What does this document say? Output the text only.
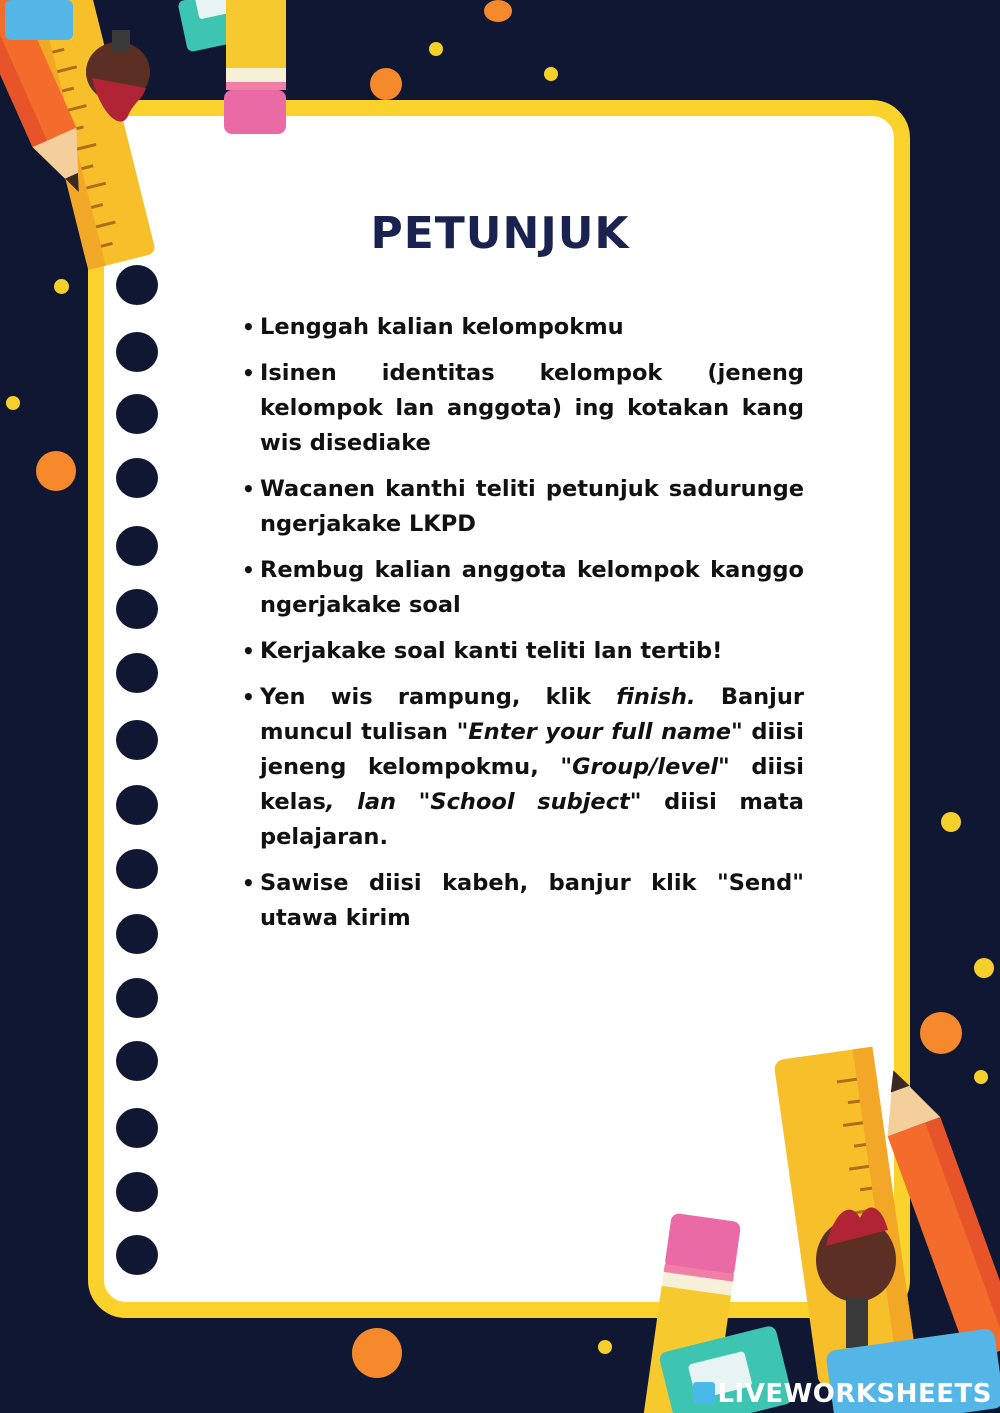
PETUNJUK
• Lenggah kalian kelompokmu
• Isinen identitas kelompok (jeneng kelompok lan anggota) ing kotakan kang wis disediake
• Wacanen kanthi teliti petunjuk sadurunge ngerjakake LKPD
• Rembug kalian anggota kelompok kanggo ngerjakake soal
• Kerjakake soal kanti teliti lan tertib!
• Yen wis rampung, klik finish. Banjur muncul tulisan "Enter your full name" diisi jeneng kelompokmu, "Group/level" diisi kelas, lan "School subject" diisi mata pelajaran.
• Sawise diisi kabeh, banjur klik "Send" utawa kirim
LIVEWORKSHEETS
